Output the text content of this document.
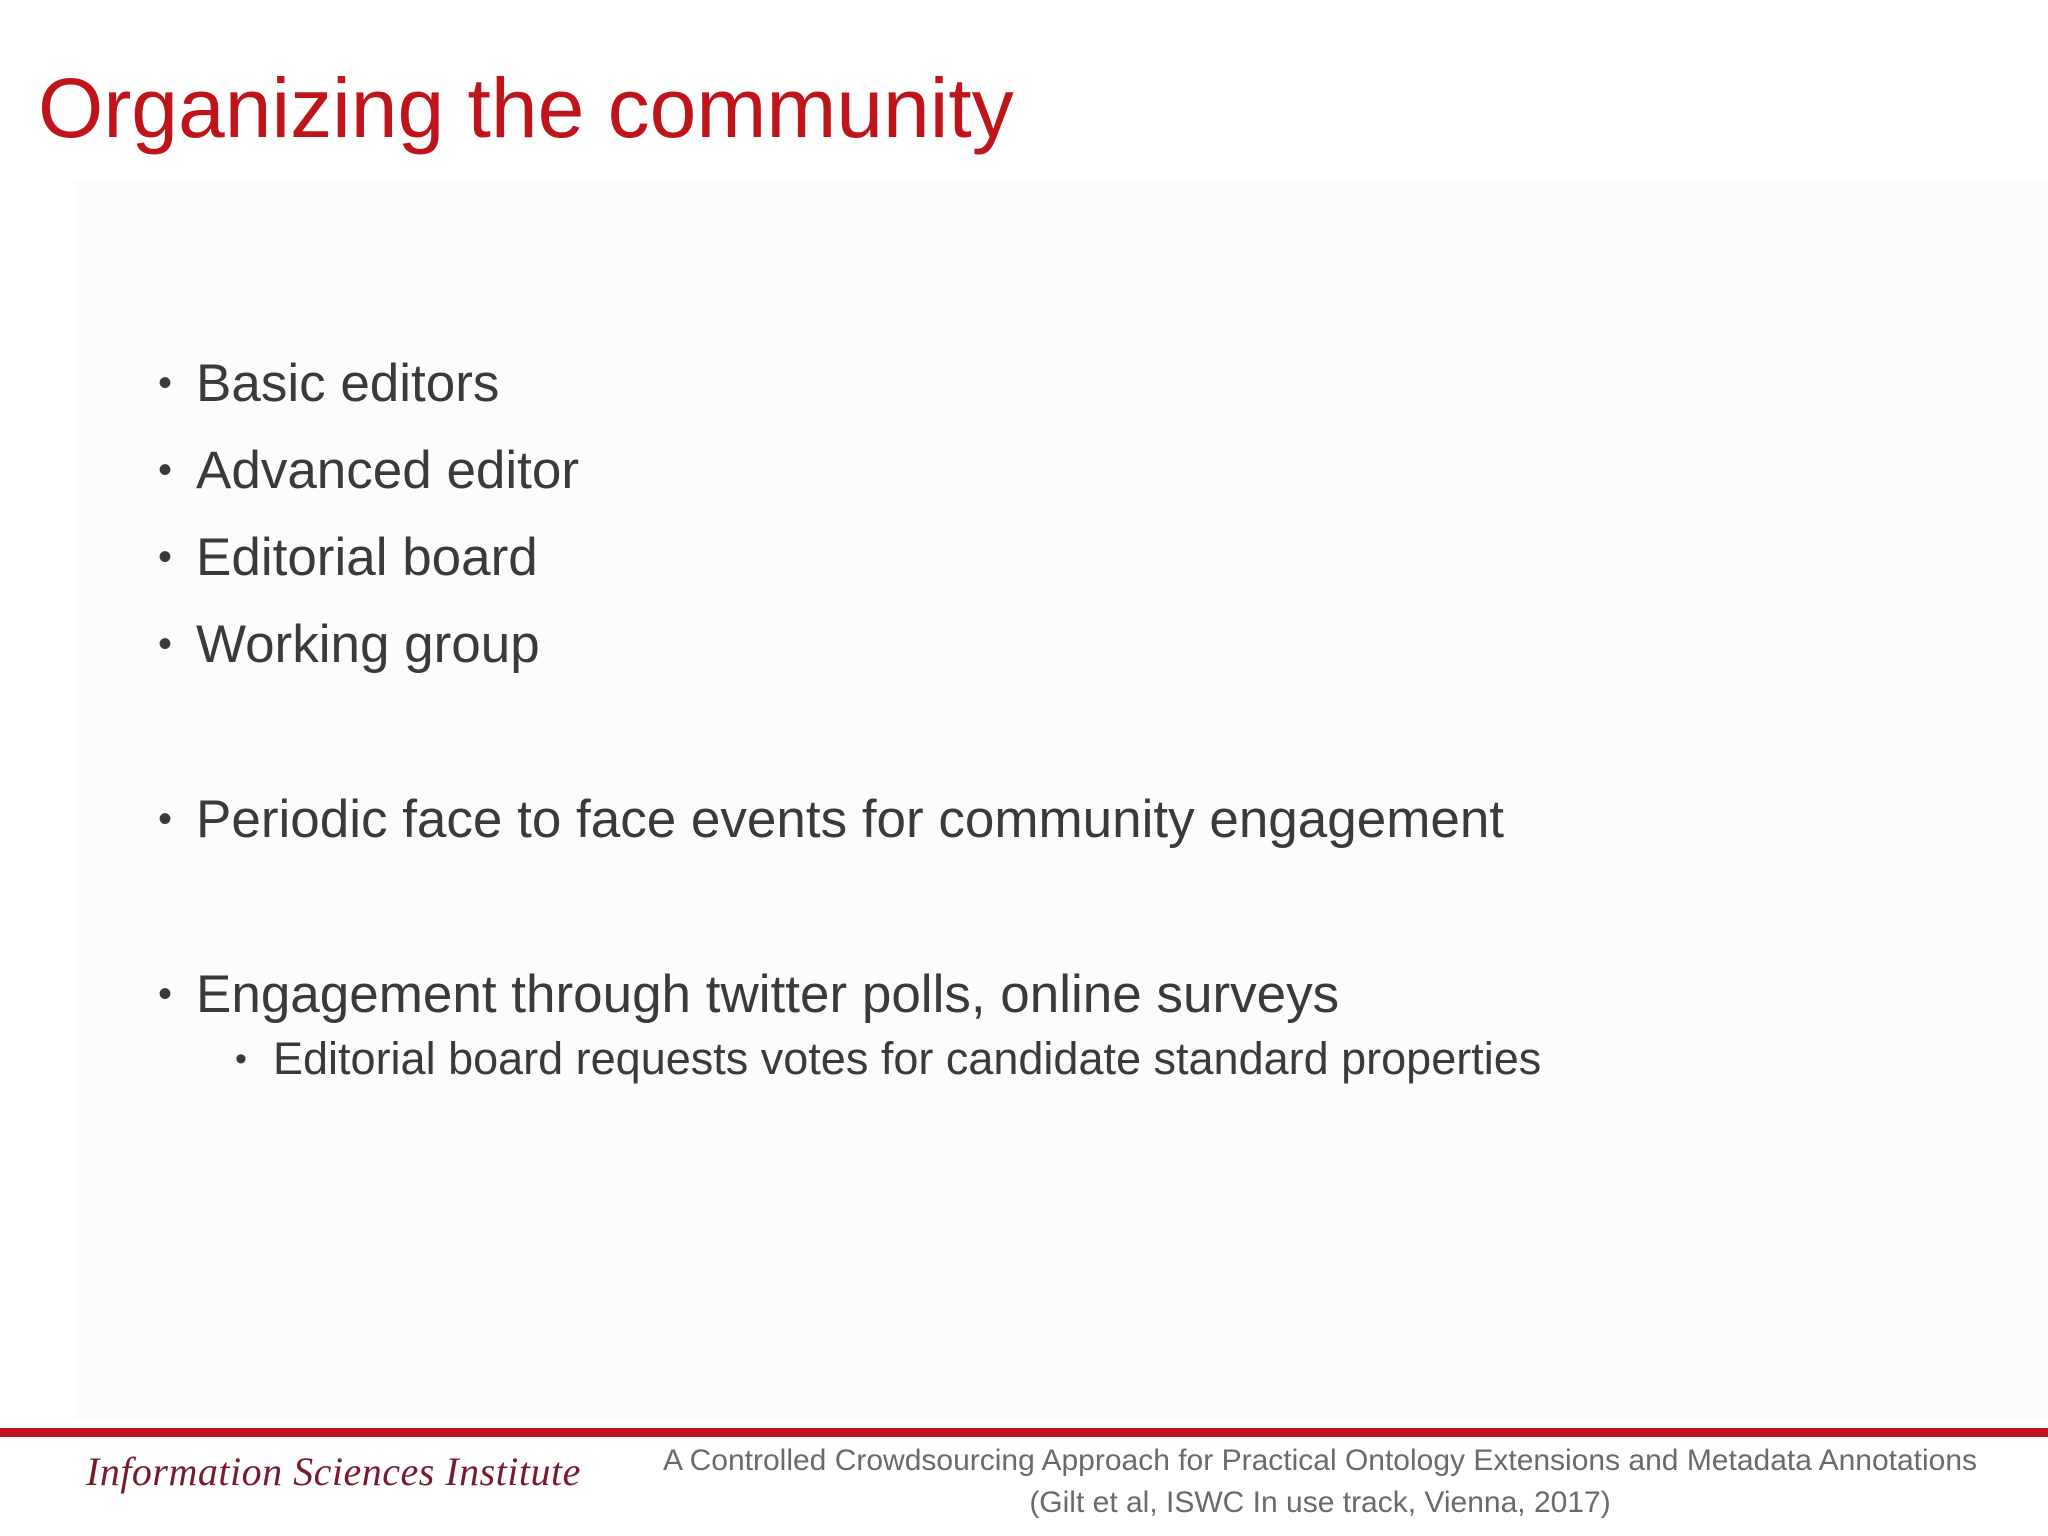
Organizing the community
• Basic editors
• Advanced editor
• Editorial board
• Working group
• Periodic face to face events for community engagement
• Engagement through twitter polls, online surveys
• Editorial board requests votes for candidate standard properties
Information Sciences Institute	A Controlled Crowdsourcing Approach for Practical Ontology Extensions and Metadata Annotations
(Gilt et al, ISWC In use track, Vienna, 2017)
